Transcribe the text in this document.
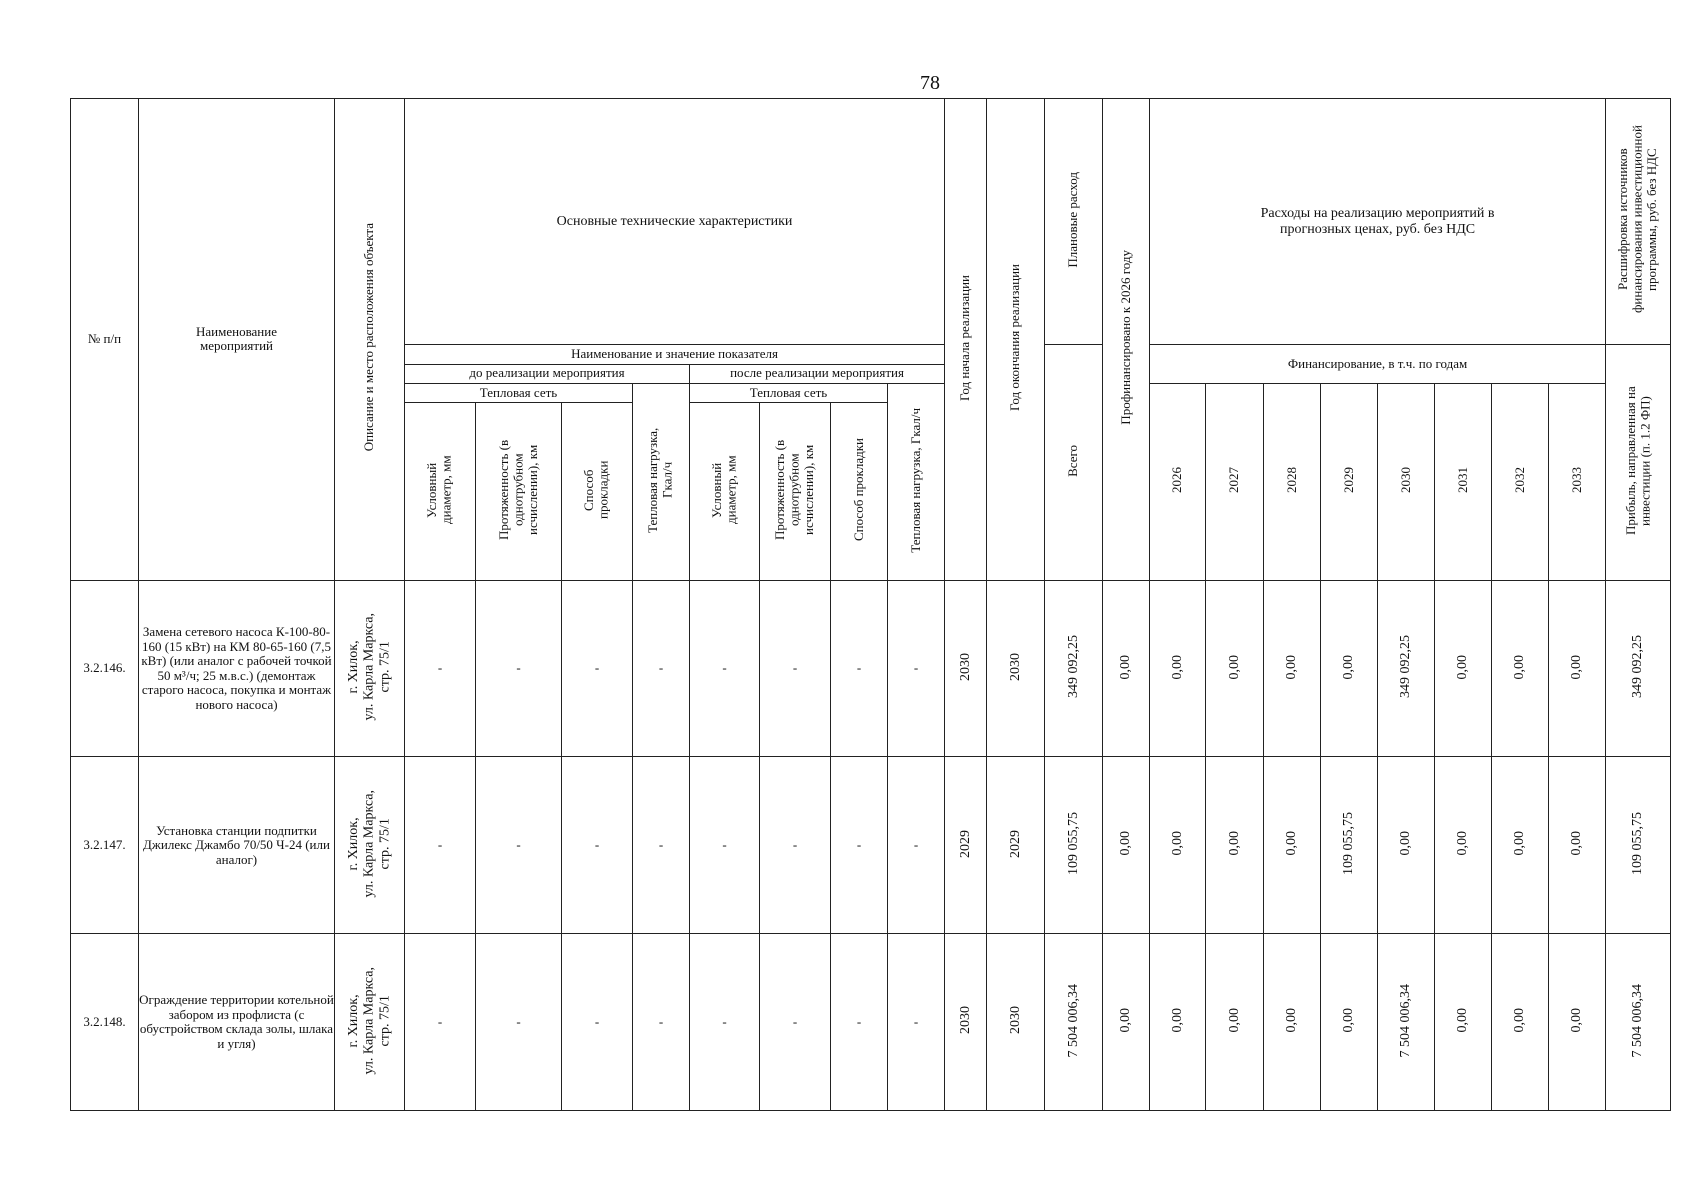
78
№ п/п	Наименование мероприятий	Описание и место расположения объекта	Основные технические характеристики								Год начала реализации	Год окончания реализации	Плановые расход	Профинансировано к 2026 году	Расходы на реализацию мероприятий в прогнозных ценах, руб. без НДС								Расшифровка источников финансирования инвестиционной программы, руб. без НДС
			Наименование и значение показателя										Всего		Финансирование, в т.ч. по годам								Прибыль, направленная на инвестиции (п. 1.2 ФП)
			до реализации мероприятия				после реализации мероприятия																
			Тепловая сеть			Тепловая нагрузка, Гкал/ч	Тепловая сеть			Тепловая нагрузка, Гкал/ч					2026	2027	2028	2029	2030	2031	2032	2033	
			Условный диаметр, мм	Протяженность (в однотрубном исчислении), км	Способ прокладки		Условный диаметр, мм	Протяженность (в однотрубном исчислении), км	Способ прокладки														
3.2.146.	Замена сетевого насоса К-100-80-160 (15 кВт) на КМ 80-65-160 (7,5 кВт) (или аналог с рабочей точкой 50 м³/ч; 25 м.в.с.) (демонтаж старого насоса, покупка и монтаж нового насоса)	г. Хилок,
ул. Карла Маркса,
стр. 75/1	-	-	-	-	-	-	-	-	2030	2030	349 092,25	0,00	0,00	0,00	0,00	0,00	349 092,25	0,00	0,00	0,00	349 092,25
3.2.147.	Установка станции подпитки Джилекс Джамбо 70/50 Ч-24 (или аналог)	г. Хилок,
ул. Карла Маркса,
стр. 75/1	-	-	-	-	-	-	-	-	2029	2029	109 055,75	0,00	0,00	0,00	0,00	109 055,75	0,00	0,00	0,00	0,00	109 055,75
3.2.148.	Ограждение территории котельной забором из профлиста (с обустройством склада золы, шлака и угля)	г. Хилок,
ул. Карла Маркса,
стр. 75/1	-	-	-	-	-	-	-	-	2030	2030	7 504 006,34	0,00	0,00	0,00	0,00	0,00	7 504 006,34	0,00	0,00	0,00	7 504 006,34
